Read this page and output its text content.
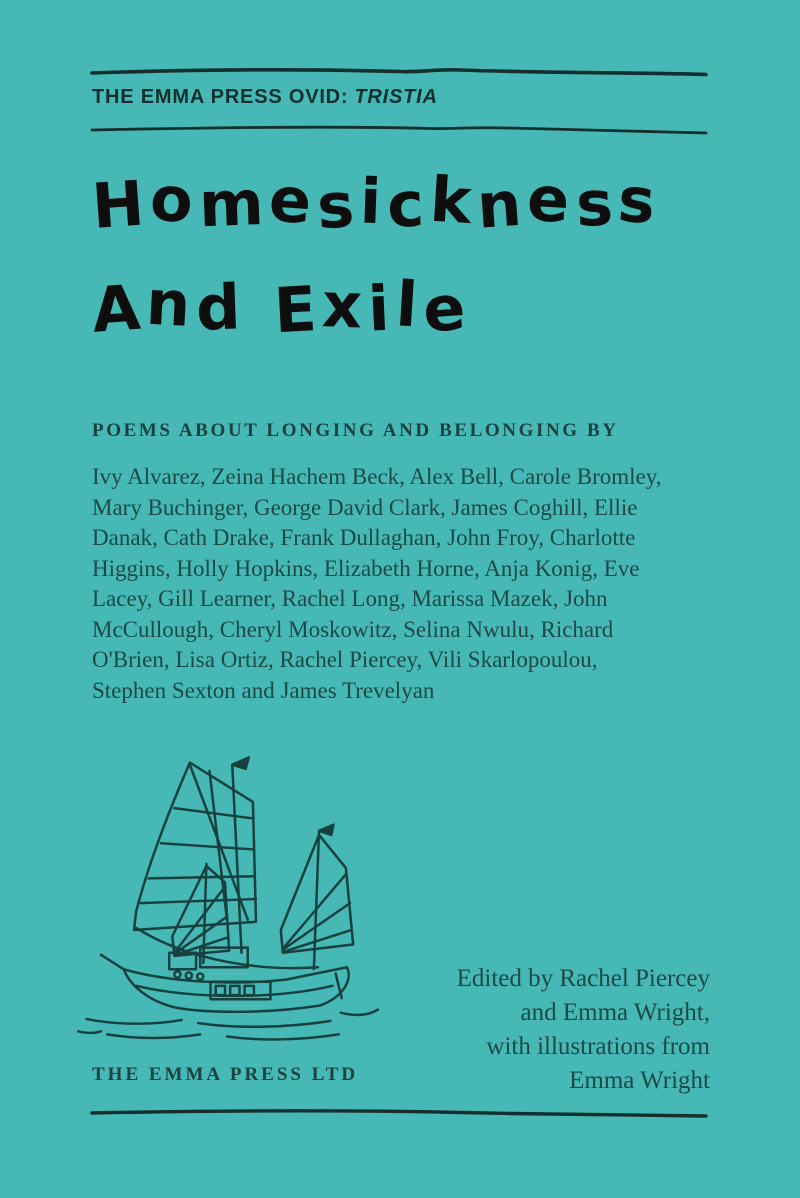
THE EMMA PRESS OVID: TRISTIA
Homesickness
And Exile
POEMS ABOUT LONGING AND BELONGING BY
Ivy Alvarez, Zeina Hachem Beck, Alex Bell, Carole Bromley,
Mary Buchinger, George David Clark, James Coghill, Ellie
Danak, Cath Drake, Frank Dullaghan, John Froy, Charlotte
Higgins, Holly Hopkins, Elizabeth Horne, Anja Konig, Eve
Lacey, Gill Learner, Rachel Long, Marissa Mazek, John
McCullough, Cheryl Moskowitz, Selina Nwulu, Richard
O'Brien, Lisa Ortiz, Rachel Piercey, Vili Skarlopoulou,
Stephen Sexton and James Trevelyan
Edited by Rachel Piercey
and Emma Wright,
with illustrations from
Emma Wright
THE EMMA PRESS LTD
